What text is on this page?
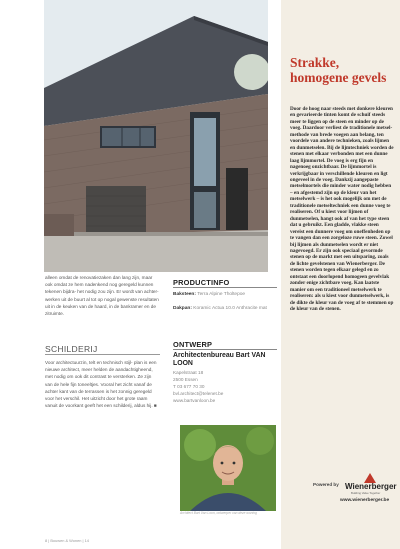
alleen omdat de renovatiezaken dan lang zijn, maar ook omdat ze hem nadenkend nog geregeld kunnen tekenen bijdra- het nodig zou zijn. Er wordt van achter- werken uit de buurt al tot op nogal gewenste resultaten uit in de keuken van de haard, in de bankramer en de zitruimte.

SCHILDERIJ

Voor architectuurzin, telt en technisch stijl- plan is een nieuwe architect, meer helden de aandachtigheend, met nodig om ook dit contrast te versterken. Ze zijn van de hele fijn toneeltjes. Vooral het zicht vanaf de achter kant van de terrassen is het zonnig geregeld voor het verschil. Het uitzicht door het grote raam vanuit de voorkant geeft het een schilderij, aldus hij. ■

PRODUCTINFO

Baksteen: Terra Alpine Tholtepoe

Dakpan: Koramic Actua 10.0 Anthracite mat

ONTWERP

Architectenbureau Bart VAN LOON

Kapelstraat 18
2500 Essen
T 03 677 70 30
bvl.architect@telenet.be
www.bartvanloon.be
Architect Bart Van Loon, ontwerper van deze woning
Strakke, homogene gevels

Door de hoog naar steeds met donkere kleuren en gevarieerde tinten komt de schuif steeds meer te liggen op de steen en minder op de voeg. Daardoor verliest de traditionele metsel- methode van brede voegen aan belang, ten voordele van andere technieken, zoals lijmen en dunmetselen. Bij de lijmtechniek worden de stenen met elkaar verbonden met een dunne laag lijmmortel. De voeg is erg fijn en nagenoeg onzichtbaar. De lijmmortel is verkrijgbaar in verschillende kleuren en ligt ongeveel in de voeg. Dankzij aangepaste metselmortels die minder water nodig hebben – en afgestemd zijn op de kleur van het metselwerk – is het ook mogelijk om met de traditionele metseltechniek een dunne voeg te realiseren. Of u kiest voor lijmen of dunmetselen, hangt ook af van het type steen dat u gebruikt. Een gladde, vlakke steen vereist een dunnere voeg om oneffenheden op te vangen dan een zorgeloze ruwe steen. Zowel bij lijmen als dunmetselen wordt er niet nagevoegd. Er zijn ook speciaal gevormde stenen op de markt met een uitsparing, zoals de lichte gevelstenen van Wienerberger. De stenen worden tegen elkaar gelegd en zo ontstaat een doorlopend homogeen gevelvlak zonder enige zichtbare voeg. Kan laatste manier om een traditioneel metselwerk te realiseren: als u kiest voor dunmetselwerk, is de dikte de kleur van de voeg af te stemmen op de kleur van de stenen.

Powered by Wienerberger
Building Value Together
www.wienerberger.be
8 | Bouwen & Wonen | 14
